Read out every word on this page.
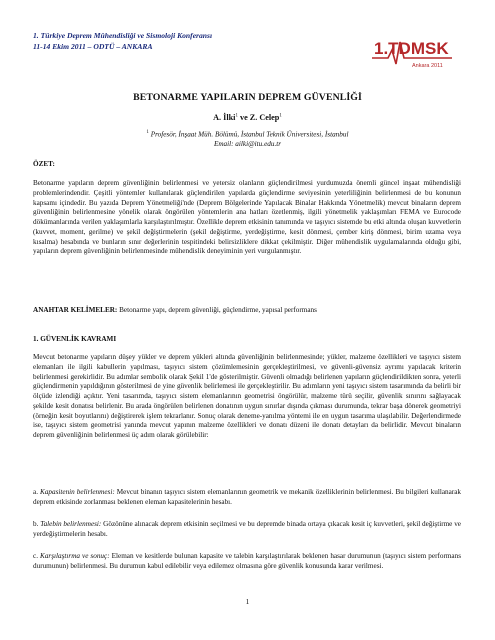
1. Türkiye Deprem Mühendisliği ve Sismoloji Konferansı
11-14 Ekim 2011 – ODTÜ – ANKARA	1.TDMSK
Ankara 2011
BETONARME YAPILARIN DEPREM GÜVENLİĞİ
A. İlki$^1$ ve Z. Celep$^1$
$^1$ Profesör, İnşaat Müh. Bölümü, İstanbul Teknik Üniversitesi, İstanbul
Email: ailki@itu.edu.tr
ÖZET:
Betonarme yapıların deprem güvenliğinin belirlenmesi ve yetersiz olanların güçlendirilmesi yurdumuzda önemli güncel inşaat mühendisliği problemlerindendir. Çeşitli yöntemler kullanılarak güçlendirilen yapılarda güçlendirme seviyesinin yeterliliğinin belirlenmesi de bu konunun kapsamı içindedir. Bu yazıda Deprem Yönetmeliği'nde (Deprem Bölgelerinde Yapılacak Binalar Hakkında Yönetmelik) mevcut binaların deprem güvenliğinin belirlenmesine yönelik olarak öngörülen yöntemlerin ana hatları özetlenmiş, ilgili yönetmelik yaklaşımları FEMA ve Eurocode dökümanlarında verilen yaklaşımlarla karşılaştırılmıştır. Özellikle deprem etkisinin tanımında ve taşıyıcı sistemde bu etki altında oluşan kuvvetlerin (kuvvet, moment, gerilme) ve şekil değiştirmelerin (şekil değiştirme, yerdeğiştirme, kesit dönmesi, çember kiriş dönmesi, birim uzama veya kısalma) hesabında ve bunların sınır değerlerinin tespitindeki belirsizliklere dikkat çekilmiştir. Diğer mühendislik uygulamalarında olduğu gibi, yapıların deprem güvenliğinin belirlenmesinde mühendislik deneyiminin yeri vurgulanmıştır.
ANAHTAR KELİMELER: Betonarme yapı, deprem güvenliği, güçlendirme, yapısal performans
1. GÜVENLİK KAVRAMI
Mevcut betonarme yapıların düşey yükler ve deprem yükleri altında güvenliğinin belirlenmesinde; yükler, malzeme özellikleri ve taşıyıcı sistem elemanları ile ilgili kabullerin yapılması, taşıyıcı sistem çözümlemesinin gerçekleştirilmesi, ve güvenli-güvensiz ayrımı yapılacak kriterin belirlenmesi gerekirlidir. Bu adımlar sembolik olarak Şekil 1'de gösterilmiştir. Güvenli olmadığı belirlenen yapıların güçlendirildikten sonra, yeterli güçlendirmenin yapıldığının gösterilmesi de yine güvenlik belirlemesi ile gerçekleştirilir. Bu adımların yeni taşıyıcı sistem tasarımında da belirli bir ölçüde izlendiği açıktır. Yeni tasarımda, taşıyıcı sistem elemanlarının geometrisi öngörülür, malzeme türü seçilir, güvenlik sınırını sağlayacak şekilde kesit donatısı belirlenir. Bu arada öngörülen belirlenen donatının uygun sınırlar dışında çıkması durumunda, tekrar başa dönerek geometriyi (örneğin kesit boyutlarını) değiştirerek işlem tekrarlanır. Sonuç olarak deneme-yanılma yöntemi ile en uygun tasarıma ulaşılabilir. Değerlendirmede ise, taşıyıcı sistem geometrisi yanında mevcut yapının malzeme özellikleri ve donatı düzeni ile donatı detayları da belirlidir. Mevcut binaların deprem güvenliğinin belirlenmesi üç adım olarak görülebilir:
a. Kapasitenin belirlenmesi: Mevcut binanın taşıyıcı sistem elemanlarının geometrik ve mekanik özelliklerinin belirlenmesi. Bu bilgileri kullanarak deprem etkisinde zorlanması beklenen eleman kapasitelerinin hesabı.
b. Talebin belirlenmesi: Gözönüne alınacak deprem etkisinin seçilmesi ve bu depremde binada ortaya çıkacak kesit iç kuvvetleri, şekil değiştirme ve yerdeğiştirmelerin hesabı.
c. Karşılaştırma ve sonuç: Eleman ve kesitlerde bulunan kapasite ve talebin karşılaştırılarak beklenen hasar durumunun (taşıyıcı sistem performans durumunun) belirlenmesi. Bu durumun kabul edilebilir veya edilemez olmasına göre güvenlik konusunda karar verilmesi.
1
